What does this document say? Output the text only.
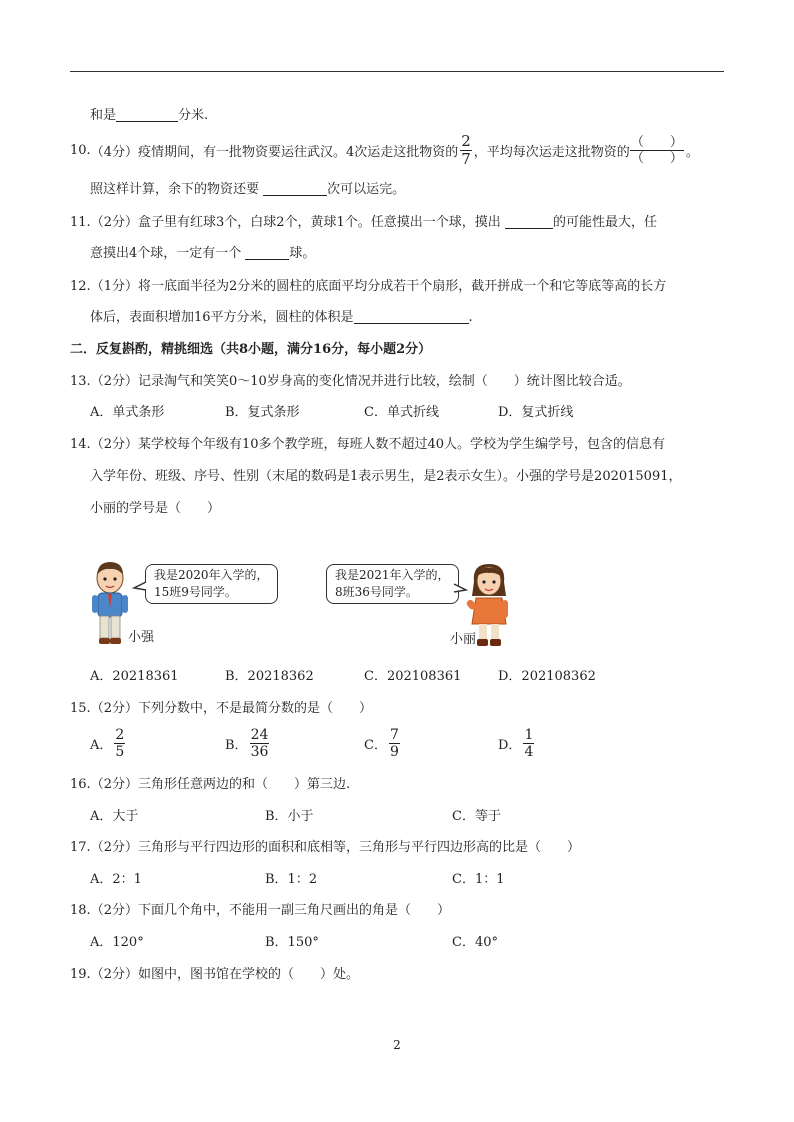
和是	分米.
10. （4分） 疫情期间，有一批物资要运往武汉。4次运走这批物资的 $\frac{2}{7}$ ，平均每次运走这批物资的 $\frac{( )}{( )}$ 。
照这样计算，余下的物资还要	次可以运完。
11.（2分）盒子里有红球3个，白球2个，黄球1个。任意摸出一个球，摸出	的可能性最大，任
意摸出4个球，一定有一个	球。
12.（1分）将一底面半径为2分米的圆柱的底面平均分成若干个扇形，截开拼成一个和它等底等高的长方
体后，表面积增加16平方分米，圆柱的体积是	.
二．反复斟酌，精挑细选（共8小题，满分16分，每小题2分）
13.（2分）记录淘气和笑笑0～10岁身高的变化情况并进行比较，绘制（　　）统计图比较合适。
A．单式条形	B．复式条形	C．单式折线	D．复式折线
14.（2分）某学校每个年级有10多个教学班，每班人数不超过40人。学校为学生编学号，包含的信息有
入学年份、班级、序号、性别（末尾的数码是1表示男生，是2表示女生）。小强的学号是202015091，
小丽的学号是（　　）
我是2020年入学的，
15班9号同学。
小强
我是2021年入学的，
8班36号同学。
小丽
A．20218361	B．20218362	C．202108361	D．202108362
15.（2分）下列分数中，不是最简分数的是（　　）
A． $\frac{2}{5}$	B． $\frac{24}{36}$	C． $\frac{7}{9}$	D． $\frac{1}{4}$
16.（2分）三角形任意两边的和（　　）第三边.
A．大于	B．小于	C．等于
17.（2分）三角形与平行四边形的面积和底相等，三角形与平行四边形高的比是（　　）
A．2：1	B．1：2	C．1：1
18.（2分）下面几个角中，不能用一副三角尺画出的角是（　　）
A．120°	B．150°	C．40°
19.（2分）如图中，图书馆在学校的（　　）处。
2
